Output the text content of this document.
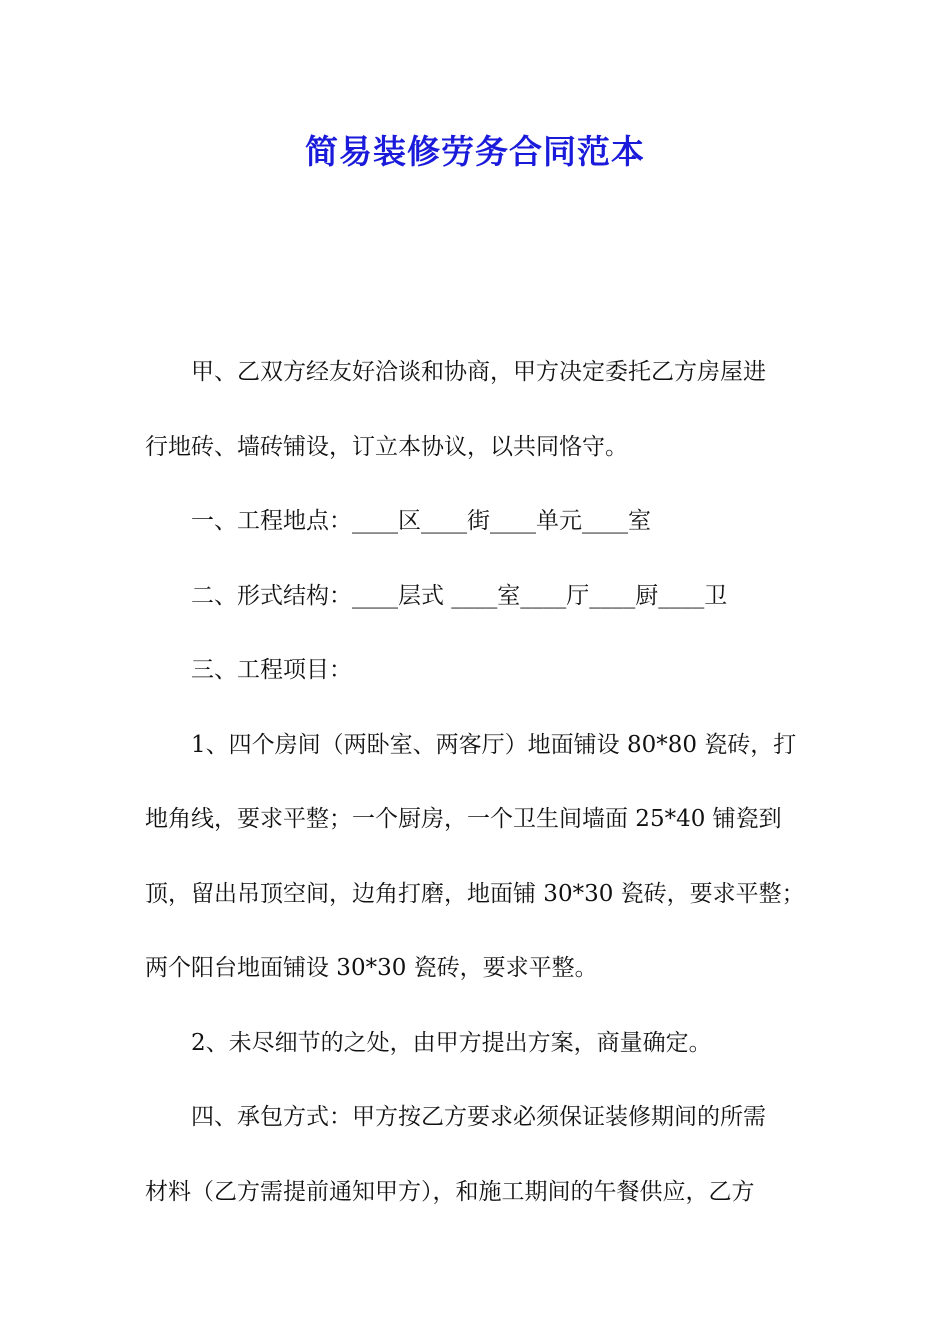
简易装修劳务合同范本
甲、乙双方经友好洽谈和协商，甲方决定委托乙方房屋进
行地砖、墙砖铺设，订立本协议，以共同恪守。
一、工程地点：____区____街____单元____室
二、形式结构：____层式 ____室____厅____厨____卫
三、工程项目：
1、四个房间（两卧室、两客厅）地面铺设 80*80 瓷砖，打
地角线，要求平整；一个厨房，一个卫生间墙面 25*40 铺瓷到
顶，留出吊顶空间，边角打磨，地面铺 30*30 瓷砖，要求平整；
两个阳台地面铺设 30*30 瓷砖，要求平整。
2、未尽细节的之处，由甲方提出方案，商量确定。
四、承包方式：甲方按乙方要求必须保证装修期间的所需
材料（乙方需提前通知甲方），和施工期间的午餐供应，乙方
